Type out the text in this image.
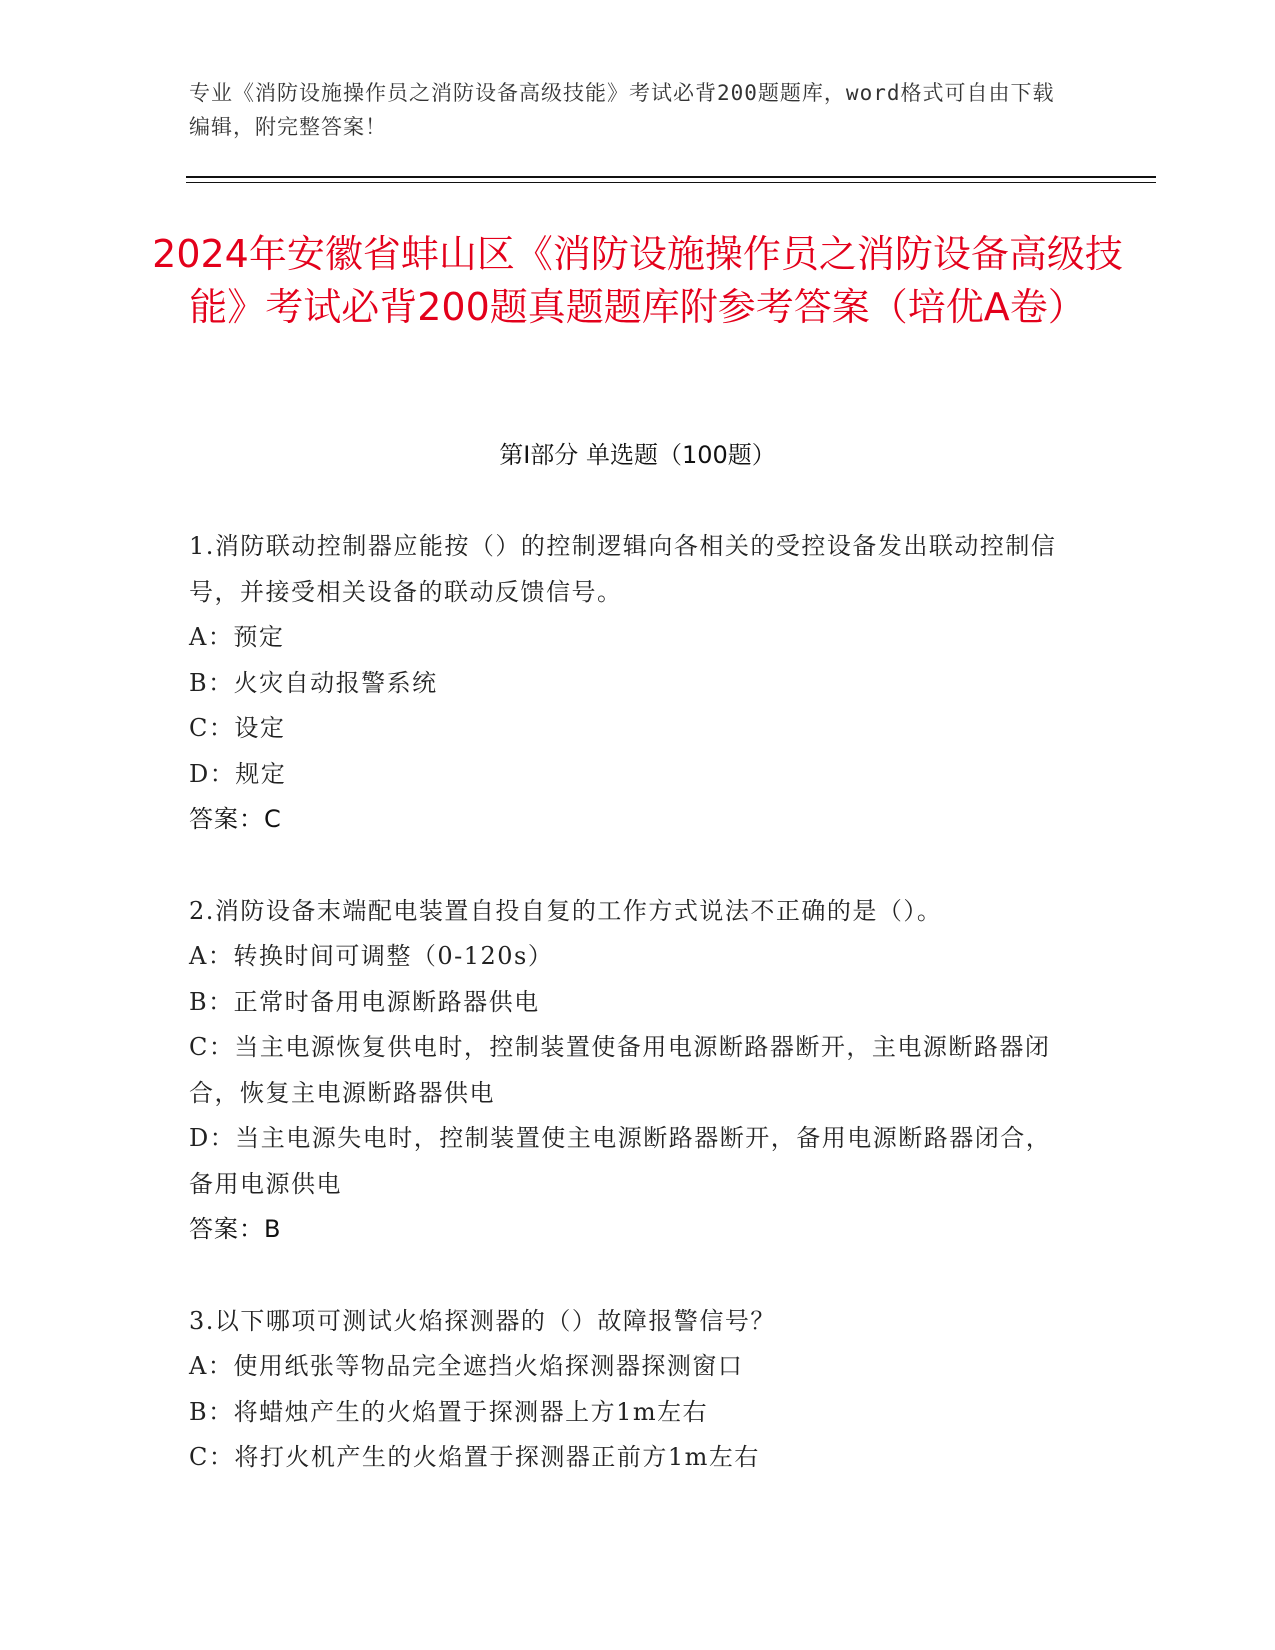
专业《消防设施操作员之消防设备高级技能》考试必背200题题库，word格式可自由下载编辑，附完整答案！
2024年安徽省蚌山区《消防设施操作员之消防设备高级技能》考试必背200题真题题库附参考答案（培优A卷）
第Ⅰ部分 单选题（100题）

1.消防联动控制器应能按（）的控制逻辑向各相关的受控设备发出联动控制信号，并接受相关设备的联动反馈信号。

A：预定

B：火灾自动报警系统

C：设定

D：规定

答案：C

2.消防设备末端配电装置自投自复的工作方式说法不正确的是（）。

A：转换时间可调整（0-120s）

B：正常时备用电源断路器供电

C：当主电源恢复供电时，控制装置使备用电源断路器断开，主电源断路器闭合，恢复主电源断路器供电

D：当主电源失电时，控制装置使主电源断路器断开，备用电源断路器闭合，备用电源供电

答案：B

3.以下哪项可测试火焰探测器的（）故障报警信号？

A：使用纸张等物品完全遮挡火焰探测器探测窗口

B：将蜡烛产生的火焰置于探测器上方1m左右

C：将打火机产生的火焰置于探测器正前方1m左右
